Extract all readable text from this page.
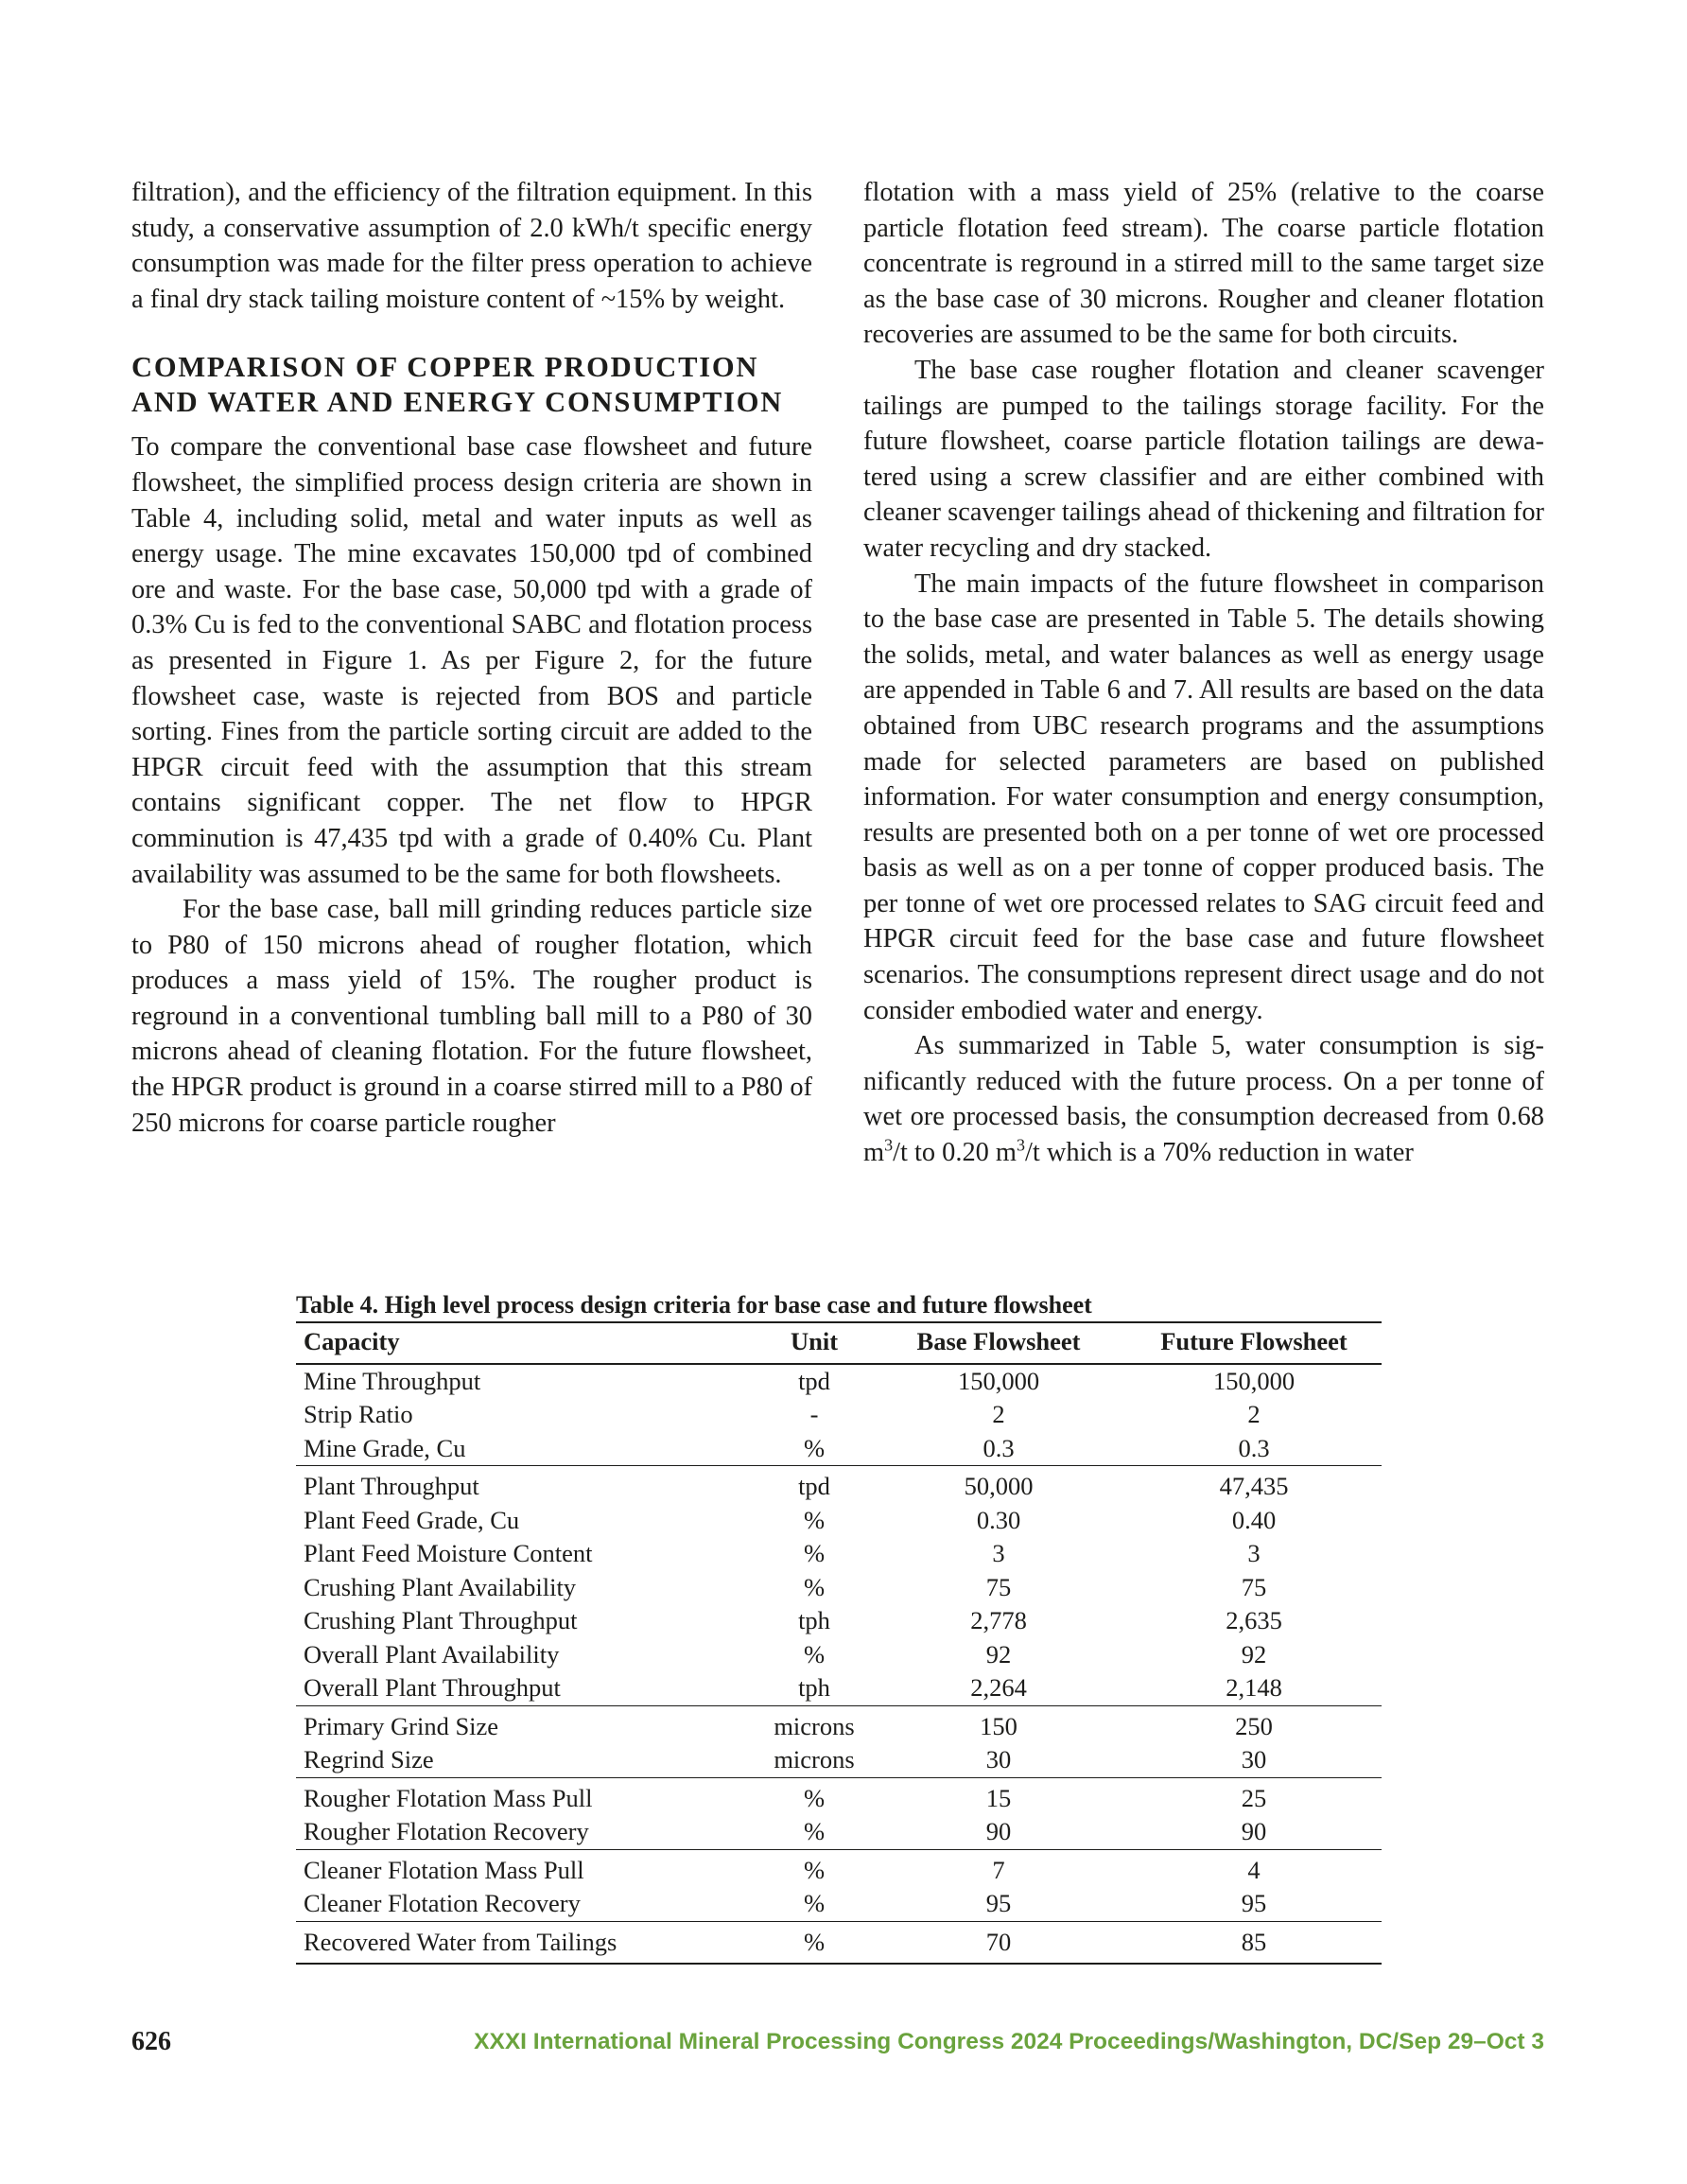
filtration), and the efficiency of the filtration equipment. In this study, a conservative assumption of 2.0 kWh/t specific energy consumption was made for the filter press operation to achieve a final dry stack tailing moisture content of ~15% by weight.

COMPARISON OF COPPER PRODUCTION AND WATER AND ENERGY CONSUMPTION

To compare the conventional base case flowsheet and future flowsheet, the simplified process design criteria are shown in Table 4, including solid, metal and water inputs as well as energy usage. The mine excavates 150,000 tpd of combined ore and waste. For the base case, 50,000 tpd with a grade of 0.3% Cu is fed to the conventional SABC and flotation process as presented in Figure 1. As per Figure 2, for the future flowsheet case, waste is rejected from BOS and particle sorting. Fines from the particle sorting circuit are added to the HPGR circuit feed with the assumption that this stream contains significant copper. The net flow to HPGR comminution is 47,435 tpd with a grade of 0.40% Cu. Plant availability was assumed to be the same for both flowsheets.

For the base case, ball mill grinding reduces particle size to P80 of 150 microns ahead of rougher flotation, which produces a mass yield of 15%. The rougher product is reground in a conventional tumbling ball mill to a P80 of 30 microns ahead of cleaning flotation. For the future flowsheet, the HPGR product is ground in a coarse stirred mill to a P80 of 250 microns for coarse particle rougher

flotation with a mass yield of 25% (relative to the coarse particle flotation feed stream). The coarse particle flotation concentrate is reground in a stirred mill to the same target size as the base case of 30 microns. Rougher and cleaner flotation recoveries are assumed to be the same for both circuits.

The base case rougher flotation and cleaner scavenger tailings are pumped to the tailings storage facility. For the future flowsheet, coarse particle flotation tailings are dewatered using a screw classifier and are either combined with cleaner scavenger tailings ahead of thickening and filtration for water recycling and dry stacked.

The main impacts of the future flowsheet in comparison to the base case are presented in Table 5. The details showing the solids, metal, and water balances as well as energy usage are appended in Table 6 and 7. All results are based on the data obtained from UBC research programs and the assumptions made for selected parameters are based on published information. For water consumption and energy consumption, results are presented both on a per tonne of wet ore processed basis as well as on a per tonne of copper produced basis. The per tonne of wet ore processed relates to SAG circuit feed and HPGR circuit feed for the base case and future flowsheet scenarios. The consumptions represent direct usage and do not consider embodied water and energy.

As summarized in Table 5, water consumption is significantly reduced with the future process. On a per tonne of wet ore processed basis, the consumption decreased from 0.68 $m^3/t$ to 0.20 $m^3/t$ which is a 70% reduction in water

Table 4. High level process design criteria for base case and future flowsheet
Capacity	Unit	Base Flowsheet	Future Flowsheet
Mine Throughput	tpd	150,000	150,000
Strip Ratio	-	2	2
Mine Grade, Cu	%	0.3	0.3
Plant Throughput	tpd	50,000	47,435
Plant Feed Grade, Cu	%	0.30	0.40
Plant Feed Moisture Content	%	3	3
Crushing Plant Availability	%	75	75
Crushing Plant Throughput	tph	2,778	2,635
Overall Plant Availability	%	92	92
Overall Plant Throughput	tph	2,264	2,148
Primary Grind Size	microns	150	250
Regrind Size	microns	30	30
Rougher Flotation Mass Pull	%	15	25
Rougher Flotation Recovery	%	90	90
Cleaner Flotation Mass Pull	%	7	4
Cleaner Flotation Recovery	%	95	95
Recovered Water from Tailings	%	70	85
626	XXXI International Mineral Processing Congress 2024 Proceedings/Washington, DC/Sep 29–Oct 3
